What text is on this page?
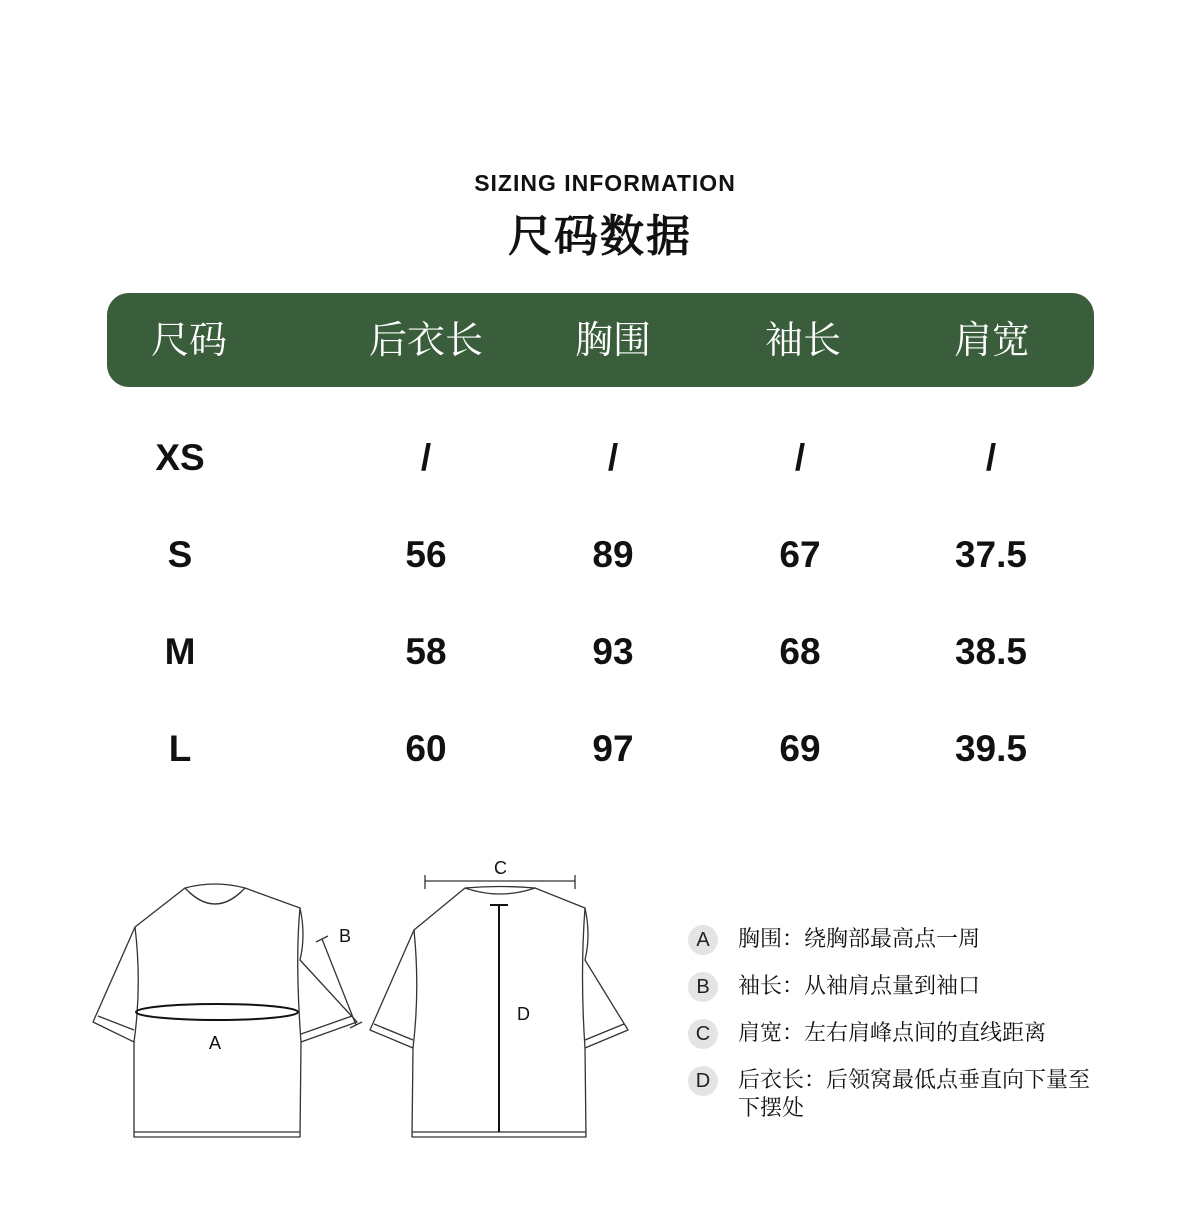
SIZING INFORMATION
尺码数据
尺码	后衣长	胸围	袖长	肩宽
XS	/	/	/	/
S	56	89	67	37.5
M	58	93	68	38.5
L	60	97	69	39.5
A
B
C
D
A	胸围：绕胸部最高点一周
B	袖长：从袖肩点量到袖口
C	肩宽：左右肩峰点间的直线距离
D	后衣长：后领窝最低点垂直向下量至下摆处
